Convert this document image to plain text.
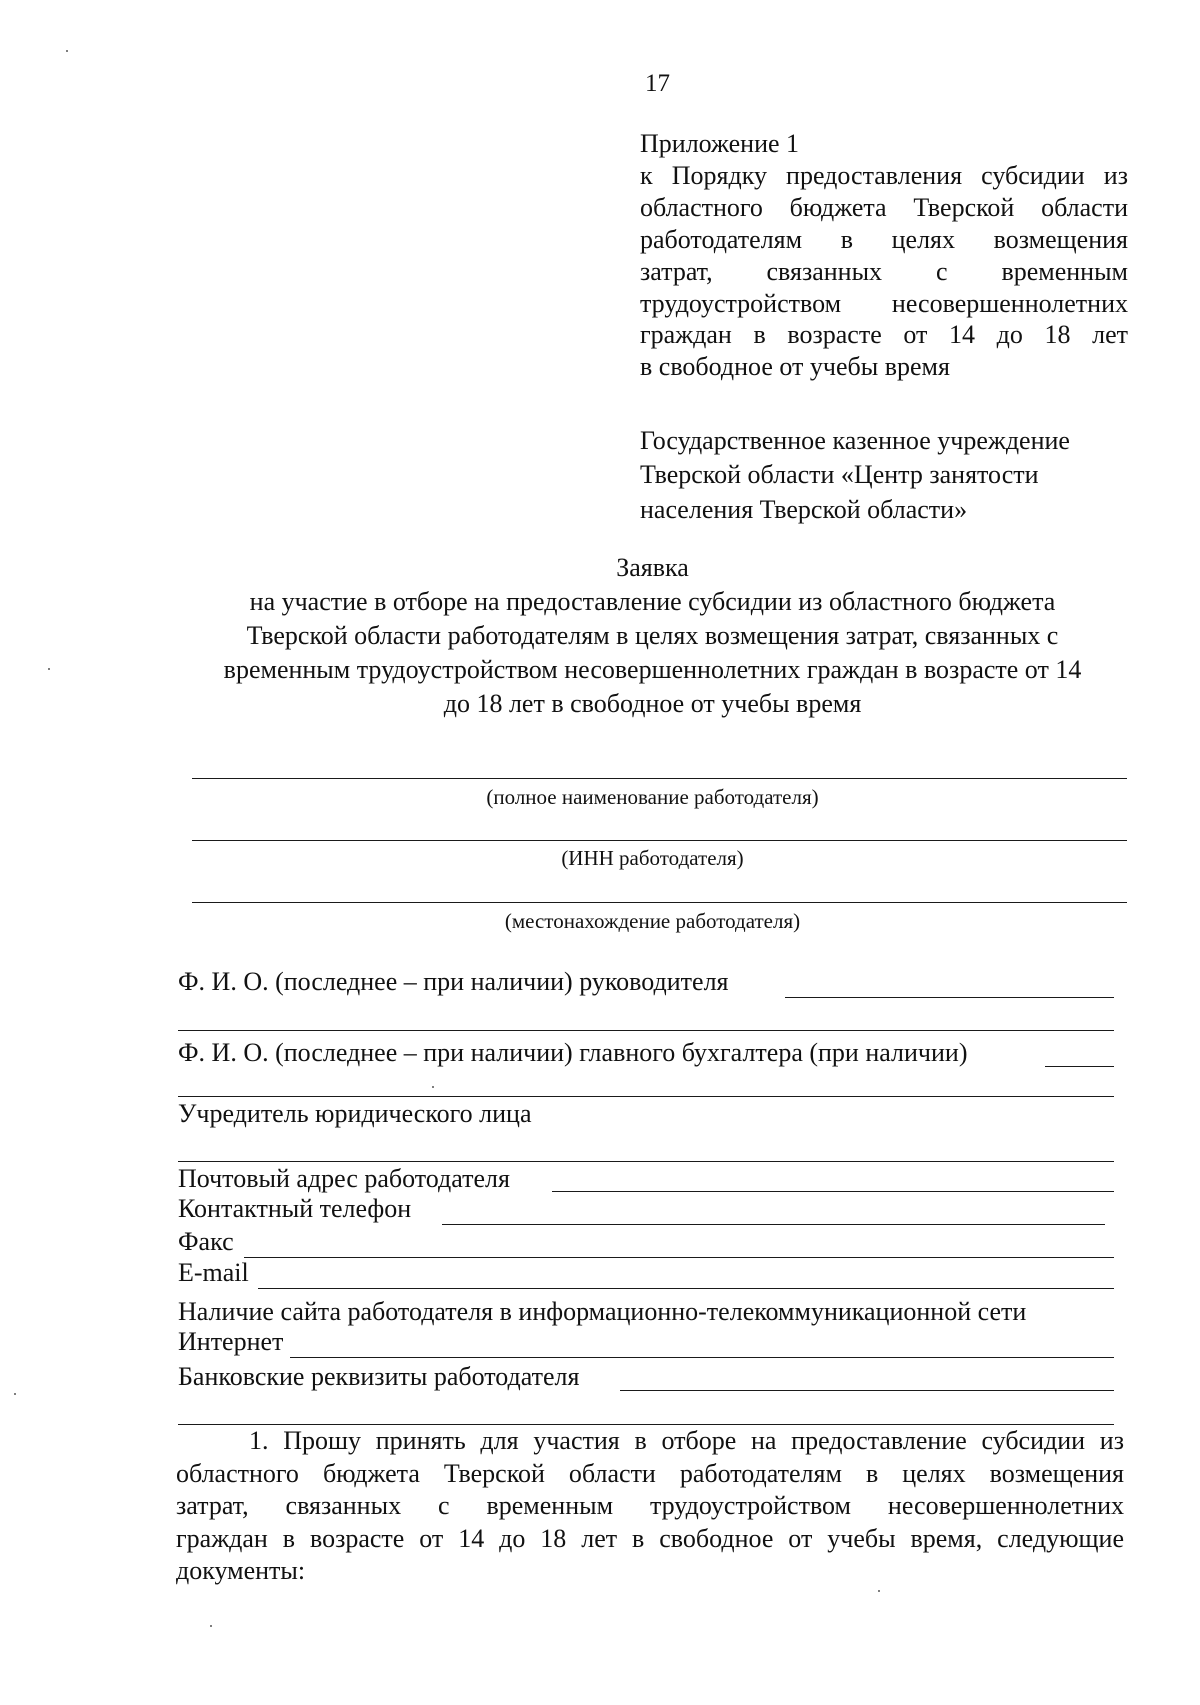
17
Приложение 1
к Порядку предоставления субсидии из
областного бюджета Тверской области
работодателям в целях возмещения
затрат, связанных с временным
трудоустройством несовершеннолетних
граждан в возрасте от 14 до 18 лет
в свободное от учебы время
Государственное казенное учреждение
Тверской области «Центр занятости
населения Тверской области»
Заявка
на участие в отборе на предоставление субсидии из областного бюджета
Тверской области работодателям в целях возмещения затрат, связанных с
временным трудоустройством несовершеннолетних граждан в возрасте от 14
до 18 лет в свободное от учебы время
(полное наименование работодателя)
(ИНН работодателя)
(местонахождение работодателя)
Ф. И. О. (последнее – при наличии) руководителя
Ф. И. О. (последнее – при наличии) главного бухгалтера (при наличии)
Учредитель юридического лица
Почтовый адрес работодателя
Контактный телефон
Факс
E-mail
Наличие сайта работодателя в информационно-телекоммуникационной сети
Интернет
Банковские реквизиты работодателя
1. Прошу принять для участия в отборе на предоставление субсидии из
областного бюджета Тверской области работодателям в целях возмещения
затрат, связанных с временным трудоустройством несовершеннолетних
граждан в возрасте от 14 до 18 лет в свободное от учебы время, следующие
документы:
